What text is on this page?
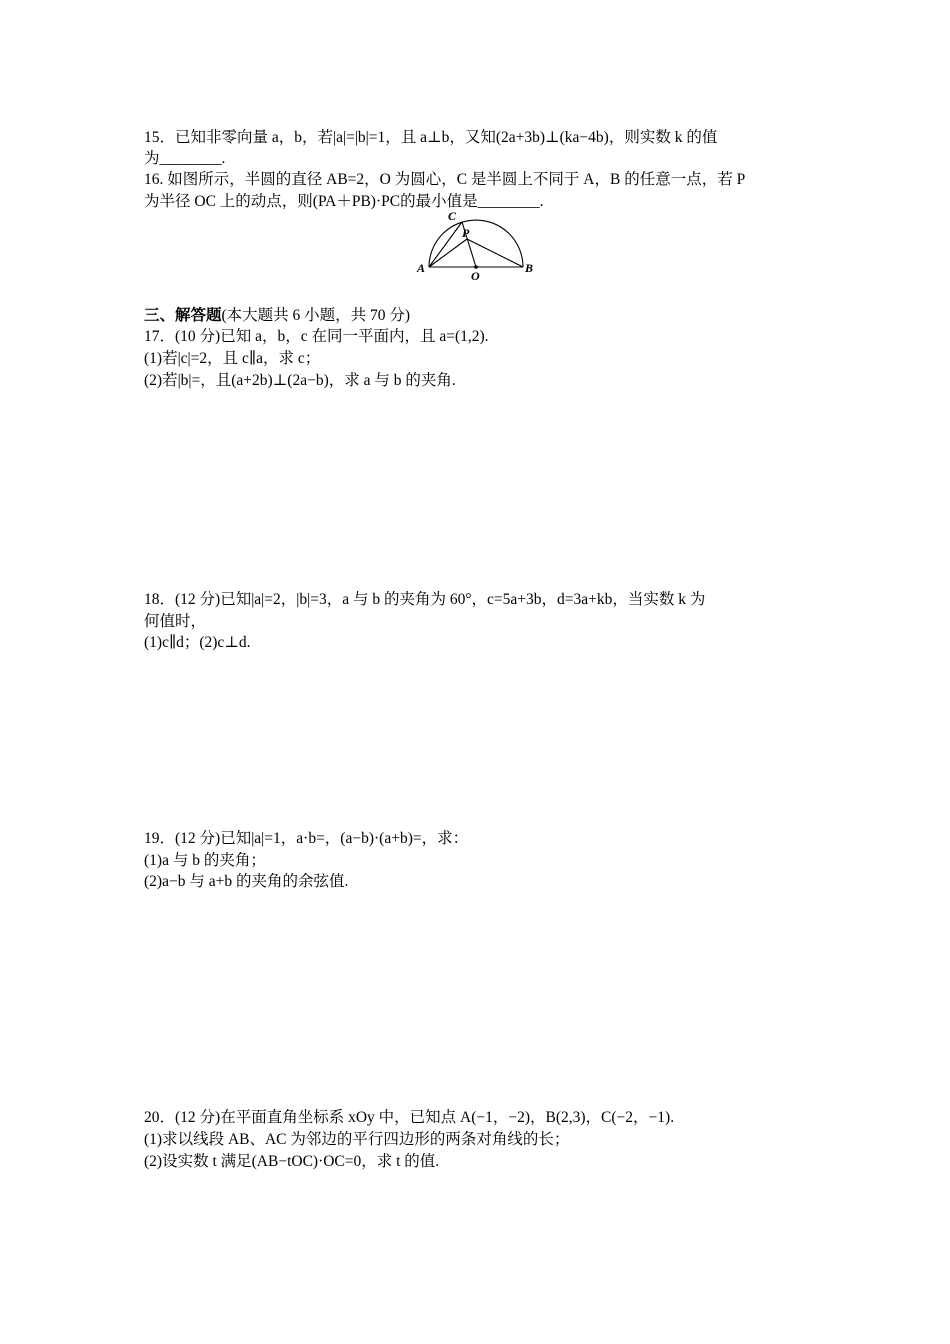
15．已知非零向量 a，b，若|a|=|b|=1，且 a⊥b，又知(2a+3b)⊥(ka−4b)，则实数 k 的值
为________.
16. 如图所示，半圆的直径 AB=2，O 为圆心，C 是半圆上不同于 A，B 的任意一点，若 P
为半径 OC 上的动点，则(PA＋PB)·PC的最小值是________.
C
P
A
O
B
三、解答题(本大题共 6 小题，共 70 分)
17．(10 分)已知 a，b，c 在同一平面内，且 a=(1,2).
(1)若|c|=2，且 c∥a，求 c；
(2)若|b|=，且(a+2b)⊥(2a−b)，求 a 与 b 的夹角.
18．(12 分)已知|a|=2，|b|=3，a 与 b 的夹角为 60°，c=5a+3b，d=3a+kb，当实数 k 为
何值时，
(1)c∥d；(2)c⊥d.
19．(12 分)已知|a|=1，a·b=，(a−b)·(a+b)=，求：
(1)a 与 b 的夹角；
(2)a−b 与 a+b 的夹角的余弦值.
20．(12 分)在平面直角坐标系 xOy 中，已知点 A(−1，−2)，B(2,3)，C(−2，−1).
(1)求以线段 AB、AC 为邻边的平行四边形的两条对角线的长；
(2)设实数 t 满足(AB−tOC)·OC=0，求 t 的值.
